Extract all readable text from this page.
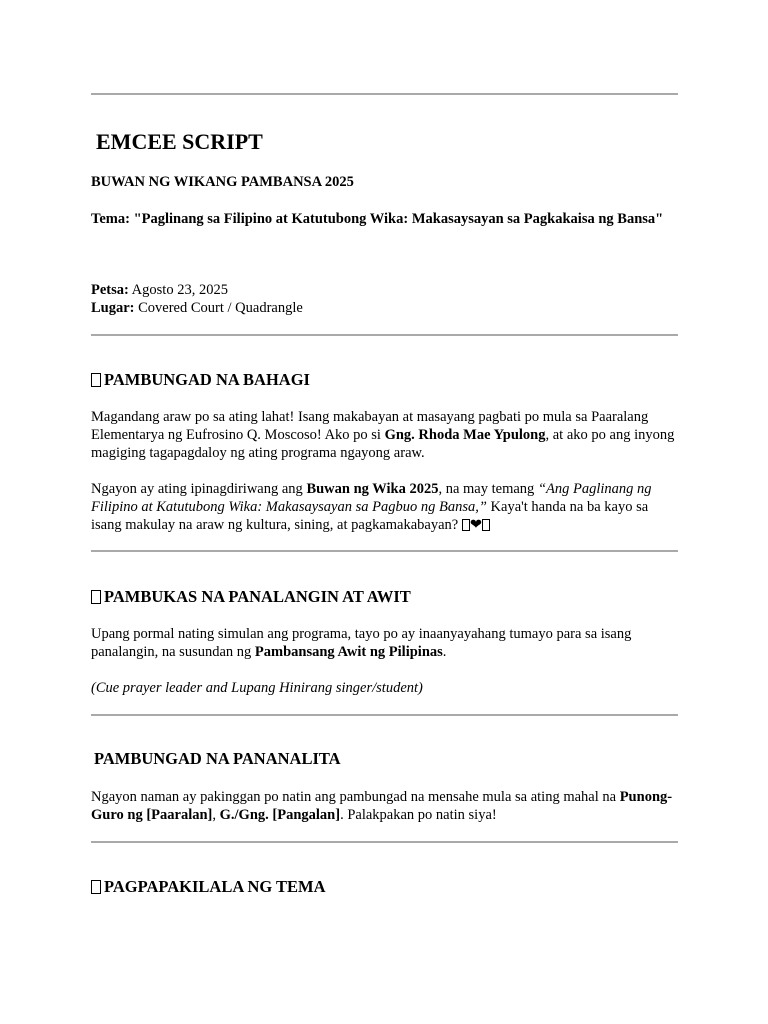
EMCEE SCRIPT
BUWAN NG WIKANG PAMBANSA 2025
Tema: "Paglinang sa Filipino at Katutubong Wika: Makasaysayan sa Pagkakaisa ng Bansa"
Petsa: Agosto 23, 2025
Lugar: Covered Court / Quadrangle
PAMBUNGAD NA BAHAGI
Magandang araw po sa ating lahat! Isang makabayan at masayang pagbati po mula sa Paaralang Elementarya ng Eufrosino Q. Moscoso! Ako po si Gng. Rhoda Mae Ypulong, at ako po ang inyong magiging tagapagdaloy ng ating programa ngayong araw.
Ngayon ay ating ipinagdiriwang ang Buwan ng Wika 2025, na may temang “Ang Paglinang ng Filipino at Katutubong Wika: Makasaysayan sa Pagbuo ng Bansa,” Kaya't handa na ba kayo sa isang makulay na araw ng kultura, sining, at pagkamakabayan? ❤
PAMBUKAS NA PANALANGIN AT AWIT
Upang pormal nating simulan ang programa, tayo po ay inaanyayahang tumayo para sa isang panalangin, na susundan ng Pambansang Awit ng Pilipinas.
(Cue prayer leader and Lupang Hinirang singer/student)
PAMBUNGAD NA PANANALITA
Ngayon naman ay pakinggan po natin ang pambungad na mensahe mula sa ating mahal na Punong-Guro ng [Paaralan], G./Gng. [Pangalan]. Palakpakan po natin siya!
PAGPAPAKILALA NG TEMA
